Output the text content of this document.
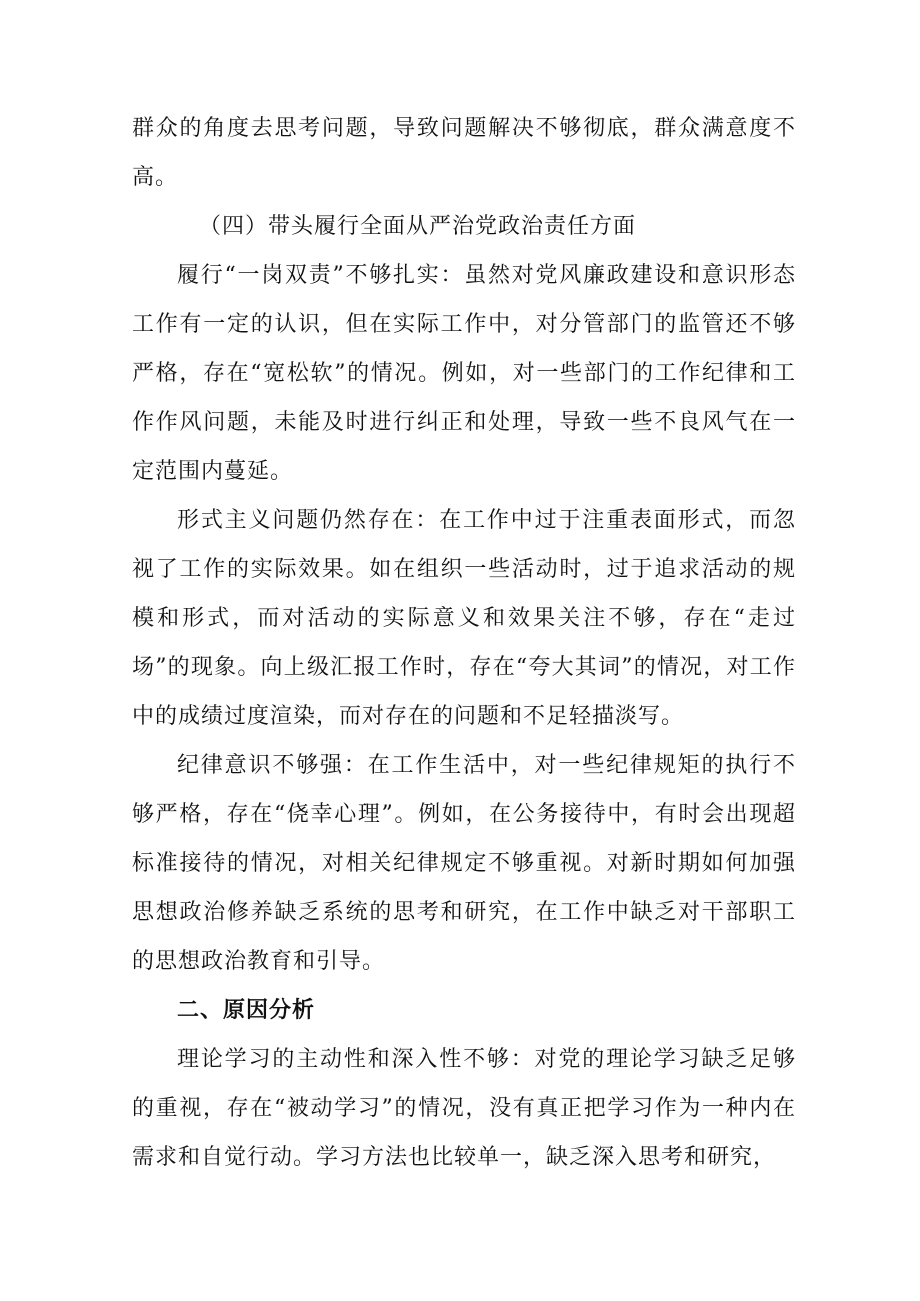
群众的角度去思考问题，导致问题解决不够彻底，群众满意度不高。

（四）带头履行全面从严治党政治责任方面

履行“一岗双责”不够扎实：虽然对党风廉政建设和意识形态工作有一定的认识，但在实际工作中，对分管部门的监管还不够严格，存在“宽松软”的情况。例如，对一些部门的工作纪律和工作作风问题，未能及时进行纠正和处理，导致一些不良风气在一定范围内蔓延。

形式主义问题仍然存在：在工作中过于注重表面形式，而忽视了工作的实际效果。如在组织一些活动时，过于追求活动的规模和形式，而对活动的实际意义和效果关注不够，存在“走过场”的现象。向上级汇报工作时，存在“夸大其词”的情况，对工作中的成绩过度渲染，而对存在的问题和不足轻描淡写。

纪律意识不够强：在工作生活中，对一些纪律规矩的执行不够严格，存在“侥幸心理”。例如，在公务接待中，有时会出现超标准接待的情况，对相关纪律规定不够重视。对新时期如何加强思想政治修养缺乏系统的思考和研究，在工作中缺乏对干部职工的思想政治教育和引导。

二、原因分析

理论学习的主动性和深入性不够：对党的理论学习缺乏足够的重视，存在“被动学习”的情况，没有真正把学习作为一种内在需求和自觉行动。学习方法也比较单一，缺乏深入思考和研究，
